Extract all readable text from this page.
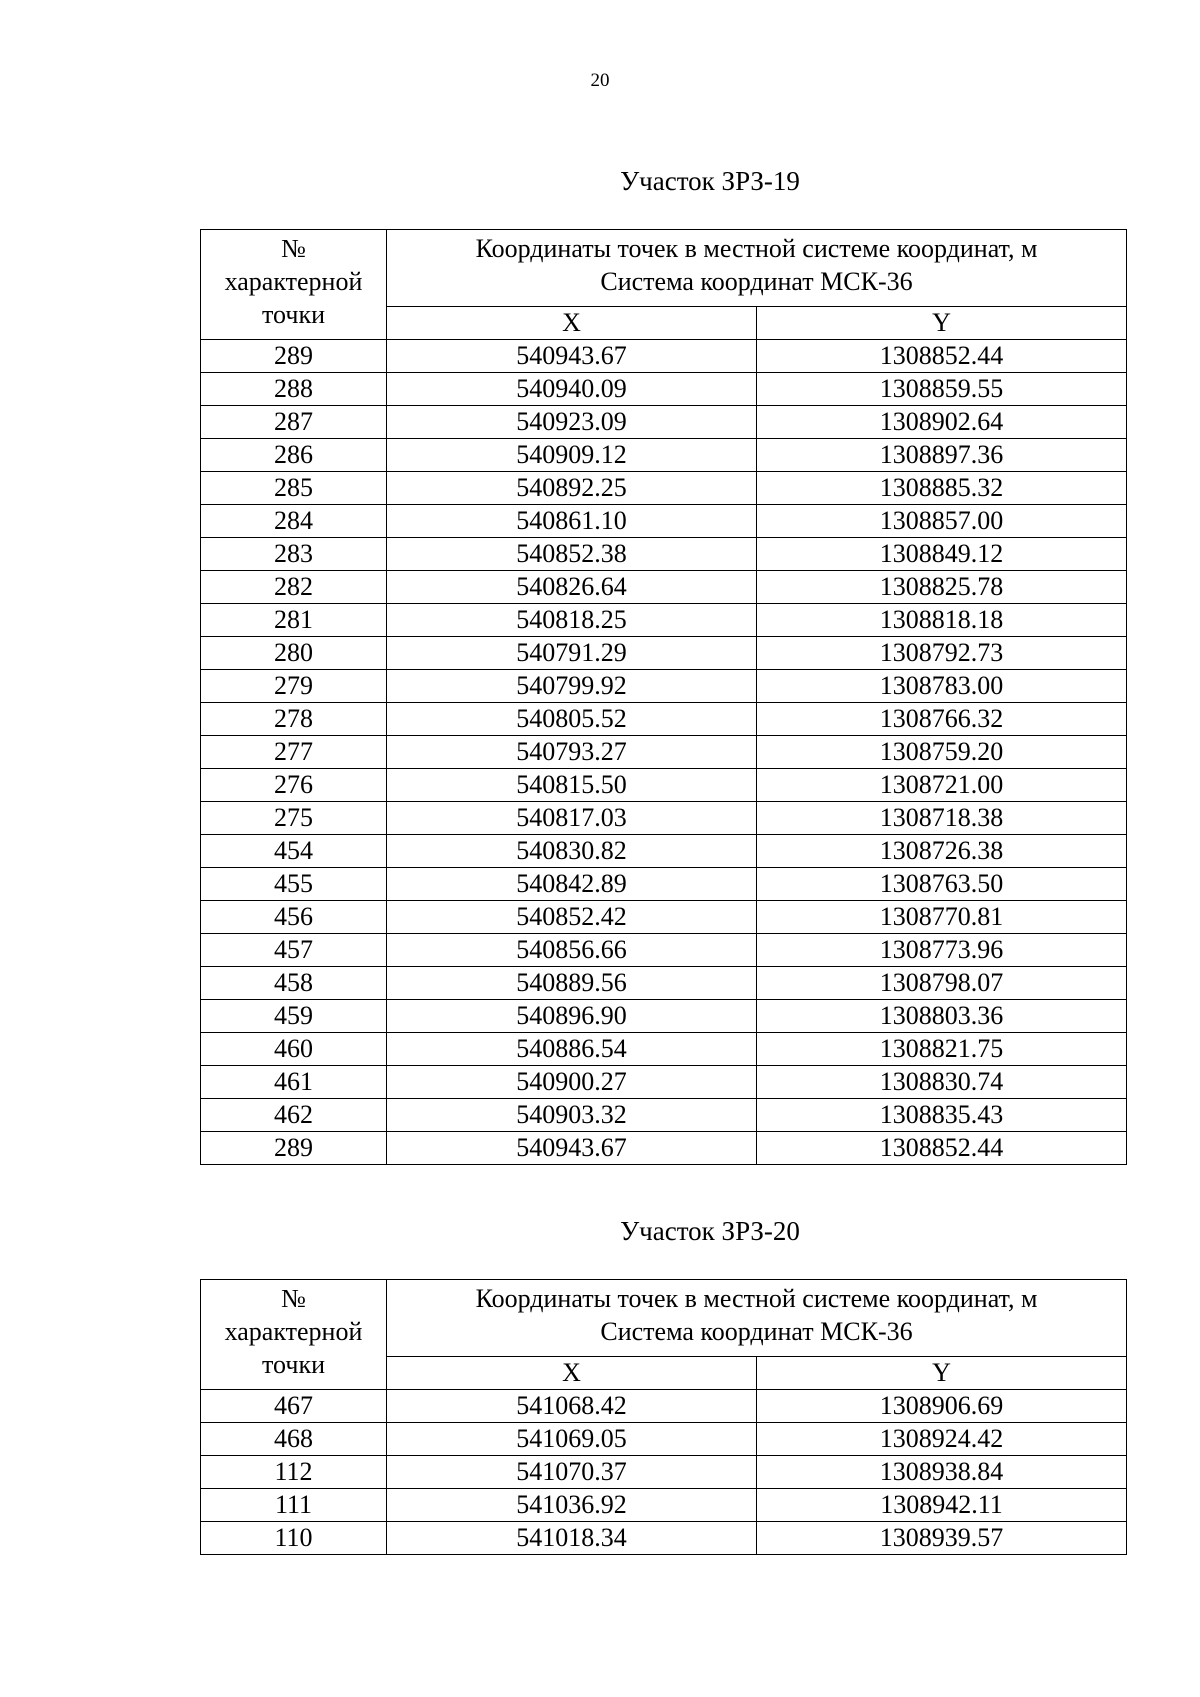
20
Участок ЗРЗ-19
№
характерной
точки	Координаты точек в местной системе координат, м
Система координат МСК-36	

	X	Y
289	540943.67	1308852.44
288	540940.09	1308859.55
287	540923.09	1308902.64
286	540909.12	1308897.36
285	540892.25	1308885.32
284	540861.10	1308857.00
283	540852.38	1308849.12
282	540826.64	1308825.78
281	540818.25	1308818.18
280	540791.29	1308792.73
279	540799.92	1308783.00
278	540805.52	1308766.32
277	540793.27	1308759.20
276	540815.50	1308721.00
275	540817.03	1308718.38
454	540830.82	1308726.38
455	540842.89	1308763.50
456	540852.42	1308770.81
457	540856.66	1308773.96
458	540889.56	1308798.07
459	540896.90	1308803.36
460	540886.54	1308821.75
461	540900.27	1308830.74
462	540903.32	1308835.43
289	540943.67	1308852.44
Участок ЗРЗ-20
№
характерной
точки	Координаты точек в местной системе координат, м
Система координат МСК-36	

	X	Y
467	541068.42	1308906.69
468	541069.05	1308924.42
112	541070.37	1308938.84
111	541036.92	1308942.11
110	541018.34	1308939.57
